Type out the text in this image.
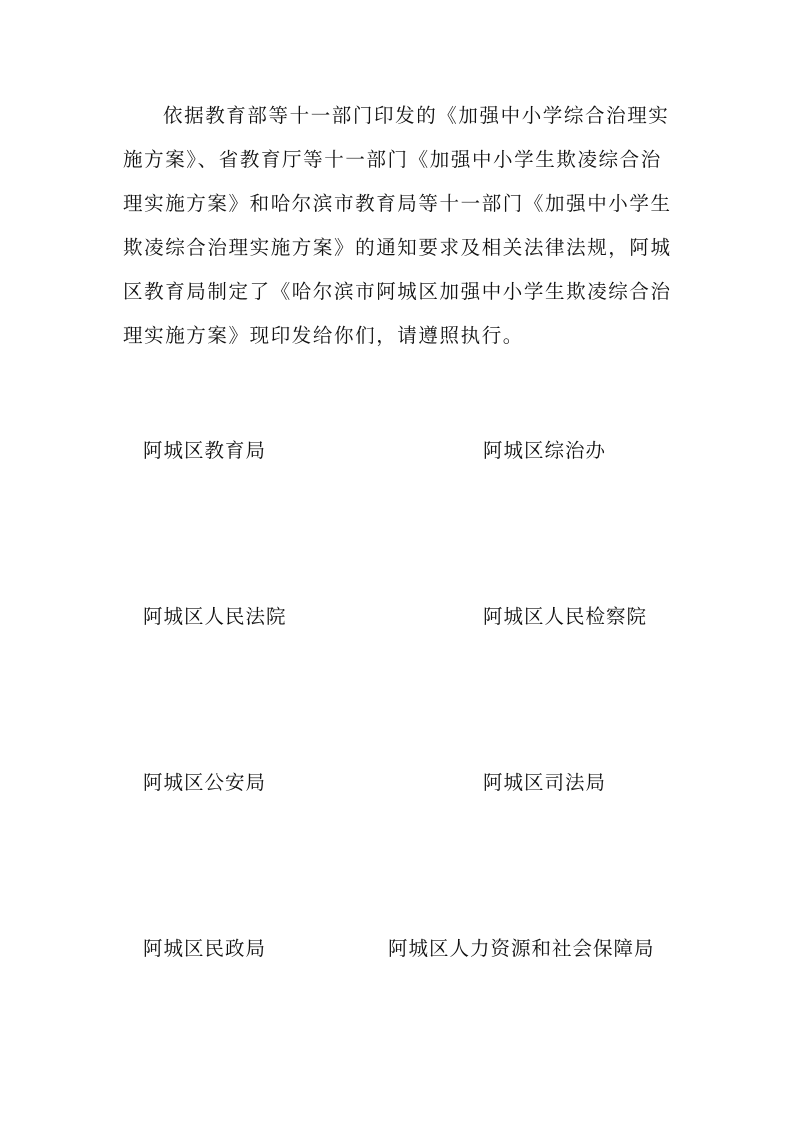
依据教育部等十一部门印发的《加强中小学综合治理实
施方案》、省教育厅等十一部门《加强中小学生欺凌综合治
理实施方案》和哈尔滨市教育局等十一部门《加强中小学生
欺凌综合治理实施方案》的通知要求及相关法律法规，阿城
区教育局制定了《哈尔滨市阿城区加强中小学生欺凌综合治
理实施方案》现印发给你们，请遵照执行。
阿城区教育局	阿城区综治办
阿城区人民法院	阿城区人民检察院
阿城区公安局	阿城区司法局
阿城区民政局	阿城区人力资源和社会保障局
